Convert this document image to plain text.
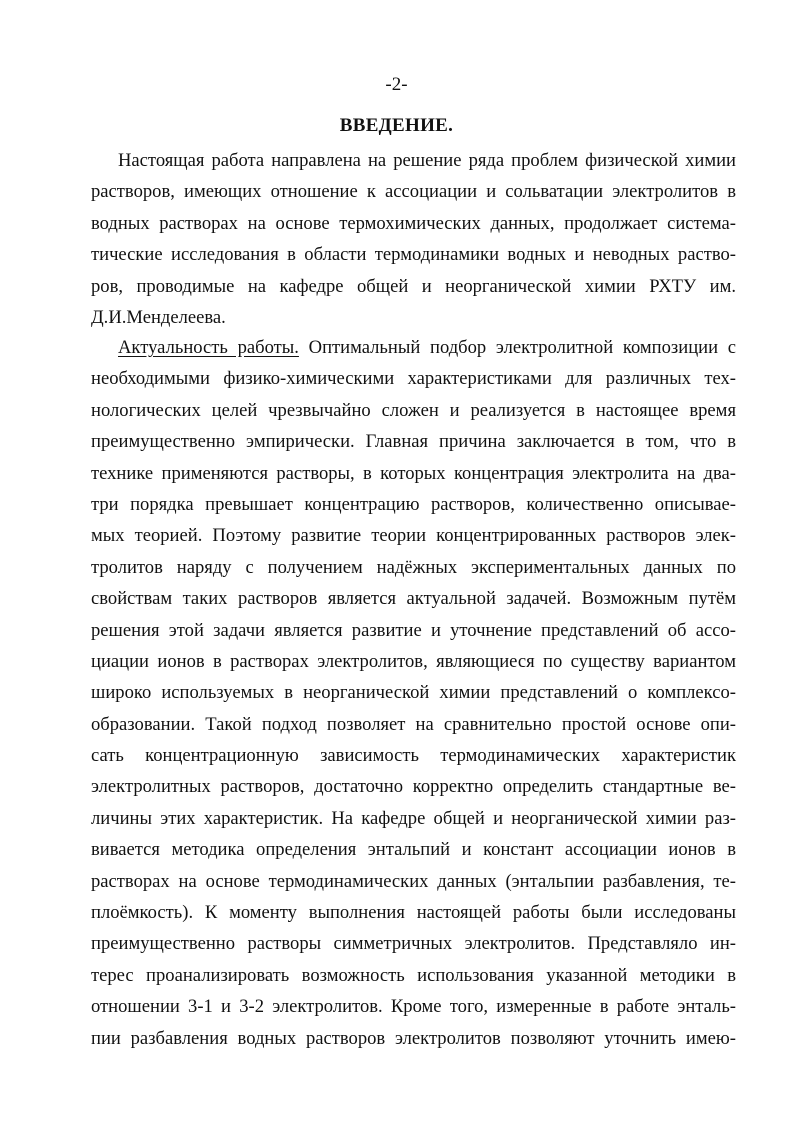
-2-
ВВЕДЕНИЕ.
Настоящая работа направлена на решение ряда проблем физической химии
растворов, имеющих отношение к ассоциации и сольватации электролитов в
водных растворах на основе термохимических данных, продолжает система-
тические исследования в области термодинамики водных и неводных раство-
ров, проводимые на кафедре общей и неорганической химии РХТУ им.
Д.И.Менделеева.
Актуальность работы. Оптимальный подбор электролитной композиции с
необходимыми физико-химическими характеристиками для различных тех-
нологических целей чрезвычайно сложен и реализуется в настоящее время
преимущественно эмпирически. Главная причина заключается в том, что в
технике применяются растворы, в которых концентрация электролита на два-
три порядка превышает концентрацию растворов, количественно описывае-
мых теорией. Поэтому развитие теории концентрированных растворов элек-
тролитов наряду с получением надёжных экспериментальных данных по
свойствам таких растворов является актуальной задачей. Возможным путём
решения этой задачи является развитие и уточнение представлений об ассо-
циации ионов в растворах электролитов, являющиеся по существу вариантом
широко используемых в неорганической химии представлений о комплексо-
образовании. Такой подход позволяет на сравнительно простой основе опи-
сать концентрационную зависимость термодинамических характеристик
электролитных растворов, достаточно корректно определить стандартные ве-
личины этих характеристик. На кафедре общей и неорганической химии раз-
вивается методика определения энтальпий и констант ассоциации ионов в
растворах на основе термодинамических данных (энтальпии разбавления, те-
плоёмкость). К моменту выполнения настоящей работы были исследованы
преимущественно растворы симметричных электролитов. Представляло ин-
терес проанализировать возможность использования указанной методики в
отношении 3-1 и 3-2 электролитов. Кроме того, измеренные в работе энталь-
пии разбавления водных растворов электролитов позволяют уточнить имею-
